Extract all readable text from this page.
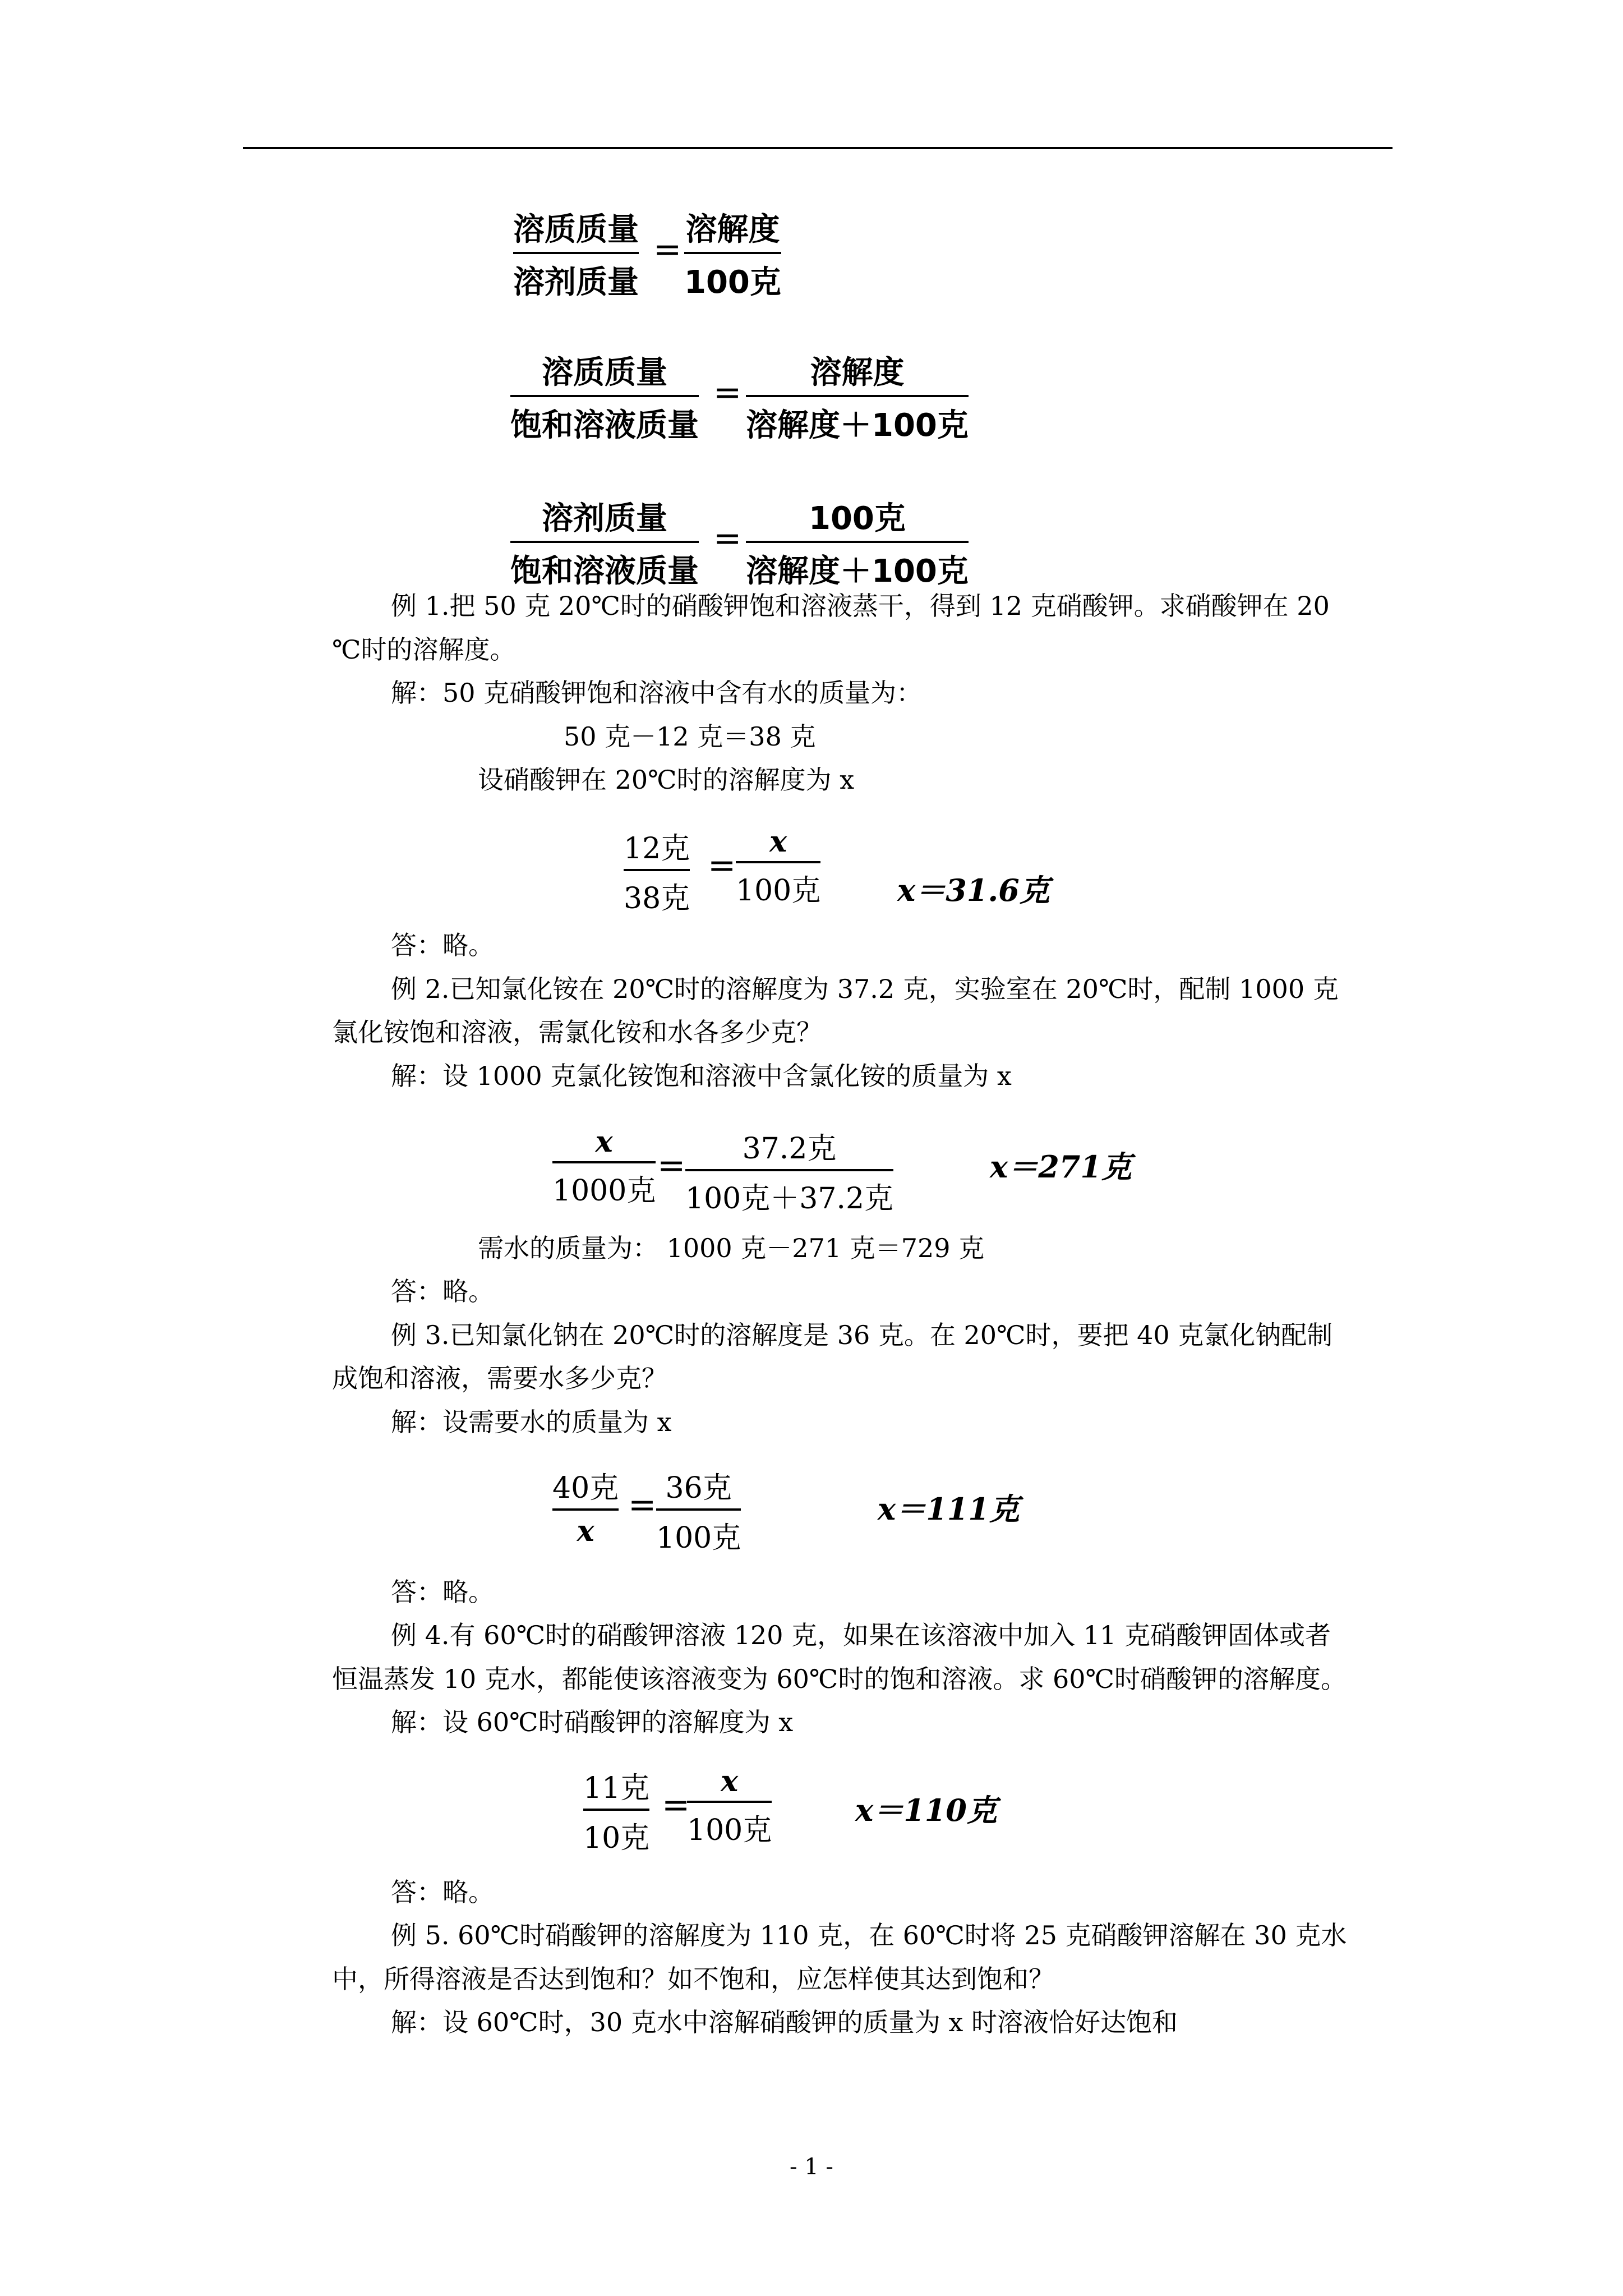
溶质质量
溶剂质量
=
溶解度
100克
溶质质量
饱和溶液质量
=
溶解度
溶解度＋100克
溶剂质量
饱和溶液质量
=
100克
溶解度＋100克
例 1.把 50 克 20℃时的硝酸钾饱和溶液蒸干，得到 12 克硝酸钾。求硝酸钾在 20
℃时的溶解度。
解：50 克硝酸钾饱和溶液中含有水的质量为：
50 克－12 克＝38 克
设硝酸钾在 20℃时的溶解度为 x
12克
38克
=
x
100克	x＝31.6克
答：略。
例 2.已知氯化铵在 20℃时的溶解度为 37.2 克，实验室在 20℃时，配制 1000 克
氯化铵饱和溶液，需氯化铵和水各多少克？
解：设 1000 克氯化铵饱和溶液中含氯化铵的质量为 x
x
1000克
= 37.2克
100克＋37.2克
x＝271克
需水的质量为： 1000 克－271 克＝729 克
答：略。
例 3.已知氯化钠在 20℃时的溶解度是 36 克。在 20℃时，要把 40 克氯化钠配制
成饱和溶液，需要水多少克？
解：设需要水的质量为 x
40克
x
= 36克
100克
x＝111克
答：略。
例 4.有 60℃时的硝酸钾溶液 120 克，如果在该溶液中加入 11 克硝酸钾固体或者
恒温蒸发 10 克水，都能使该溶液变为 60℃时的饱和溶液。求 60℃时硝酸钾的溶解度。
解：设 60℃时硝酸钾的溶解度为 x
11克
10克
=
x
100克
x＝110克
答：略。
例 5. 60℃时硝酸钾的溶解度为 110 克，在 60℃时将 25 克硝酸钾溶解在 30 克水
中，所得溶液是否达到饱和？如不饱和，应怎样使其达到饱和？
解：设 60℃时，30 克水中溶解硝酸钾的质量为 x 时溶液恰好达饱和
- 1 -
